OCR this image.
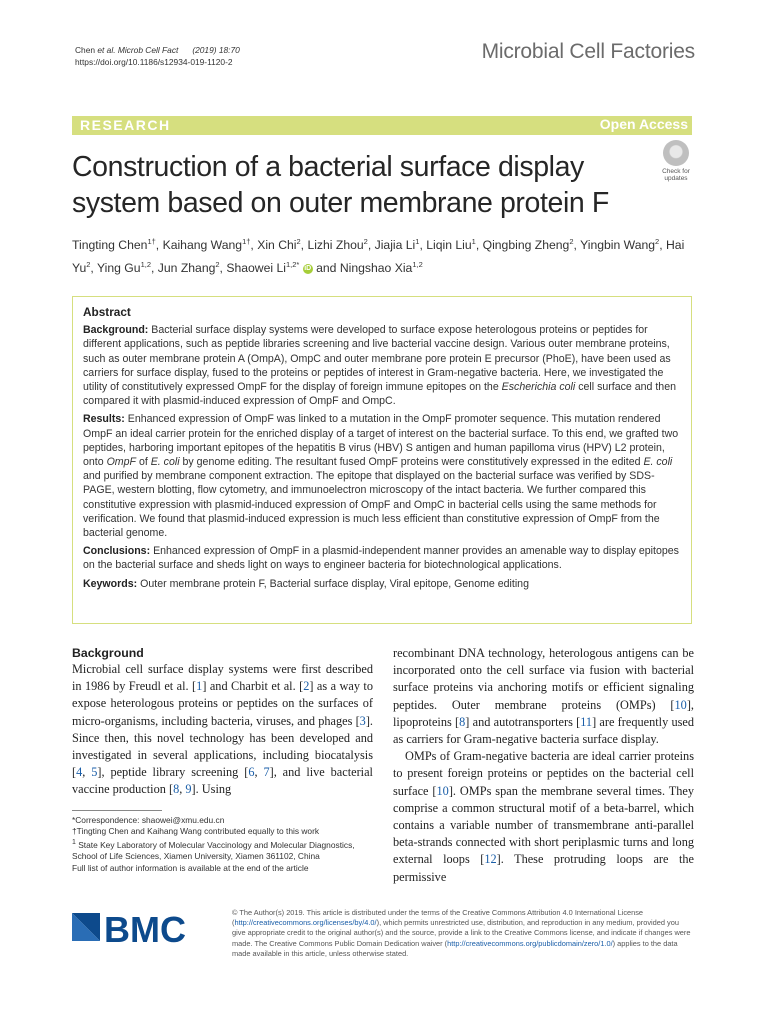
Chen et al. Microb Cell Fact (2019) 18:70
https://doi.org/10.1186/s12934-019-1120-2	Microbial Cell Factories
RESEARCH	Open Access
Construction of a bacterial surface display system based on outer membrane protein F
Check for
updates
Tingting Chen$^{1\dagger}$, Kaihang Wang$^{1\dagger}$, Xin Chi$^2$, Lizhi Zhou$^2$, Jiajia Li$^1$, Liqin Liu$^1$, Qingbing Zheng$^2$, Yingbin Wang$^2$, Hai Yu$^2$, Ying Gu$^{1,2}$, Jun Zhang$^2$, Shaowei $Li^{1,2*}$ iD and Ningshao Xia$^{1,2}$
Abstract

Background: Bacterial surface display systems were developed to surface expose heterologous proteins or peptides for different applications, such as peptide libraries screening and live bacterial vaccine design. Various outer membrane proteins, such as outer membrane protein A (OmpA), OmpC and outer membrane pore protein E precursor (PhoE), have been used as carriers for surface display, fused to the proteins or peptides of interest in Gram-negative bacteria. Here, we investigated the utility of constitutively expressed OmpF for the display of foreign immune epitopes on the Escherichia coli cell surface and then compared it with plasmid-induced expression of OmpF and OmpC.

Results: Enhanced expression of OmpF was linked to a mutation in the OmpF promoter sequence. This mutation rendered OmpF an ideal carrier protein for the enriched display of a target of interest on the bacterial surface. To this end, we grafted two peptides, harboring important epitopes of the hepatitis B virus (HBV) S antigen and human papilloma virus (HPV) L2 protein, onto OmpF of E. coli by genome editing. The resultant fused OmpF proteins were constitutively expressed in the edited E. coli and purified by membrane component extraction. The epitope that displayed on the bacterial surface was verified by SDS-PAGE, western blotting, flow cytometry, and immunoelectron microscopy of the intact bacteria. We further compared this constitutive expression with plasmid-induced expression of OmpF and OmpC in bacterial cells using the same methods for verification. We found that plasmid-induced expression is much less efficient than constitutive expression of OmpF from the bacterial genome.

Conclusions: Enhanced expression of OmpF in a plasmid-independent manner provides an amenable way to display epitopes on the bacterial surface and sheds light on ways to engineer bacteria for biotechnological applications.

Keywords: Outer membrane protein F, Bacterial surface display, Viral epitope, Genome editing

Background

Microbial cell surface display systems were first described in 1986 by Freudl et al. [1] and Charbit et al. [2] as a way to expose heterologous proteins or peptides on the surfaces of micro-organisms, including bacteria, viruses, and phages [3]. Since then, this novel technology has been developed and investigated in several applications, including biocatalysis [4, 5], peptide library screening [6, 7], and live bacterial vaccine production [8, 9]. Using

recombinant DNA technology, heterologous antigens can be incorporated onto the cell surface via fusion with bacterial surface proteins via anchoring motifs or efficient signaling peptides. Outer membrane proteins (OMPs) [10], lipoproteins [8] and autotransporters [11] are frequently used as carriers for Gram-negative bacteria surface display.

OMPs of Gram-negative bacteria are ideal carrier proteins to present foreign proteins or peptides on the bacterial cell surface [10]. OMPs span the membrane several times. They comprise a common structural motif of a beta-barrel, which contains a variable number of transmembrane anti-parallel beta-strands connected with short periplasmic turns and long external loops [12]. These protruding loops are the permissive

*Correspondence: shaowei@xmu.edu.cn

†Tingting Chen and Kaihang Wang contributed equally to this work

$^1$ State Key Laboratory of Molecular Vaccinology and Molecular Diagnostics, School of Life Sciences, Xiamen University, Xiamen 361102, China

Full list of author information is available at the end of the article

BMC	© The Author(s) 2019. This article is distributed under the terms of the Creative Commons Attribution 4.0 International License (http://creativecommons.org/licenses/by/4.0/), which permits unrestricted use, distribution, and reproduction in any medium, provided you give appropriate credit to the original author(s) and the source, provide a link to the Creative Commons license, and indicate if changes were made. The Creative Commons Public Domain Dedication waiver (http://creativecommons.org/publicdomain/zero/1.0/) applies to the data made available in this article, unless otherwise stated.
